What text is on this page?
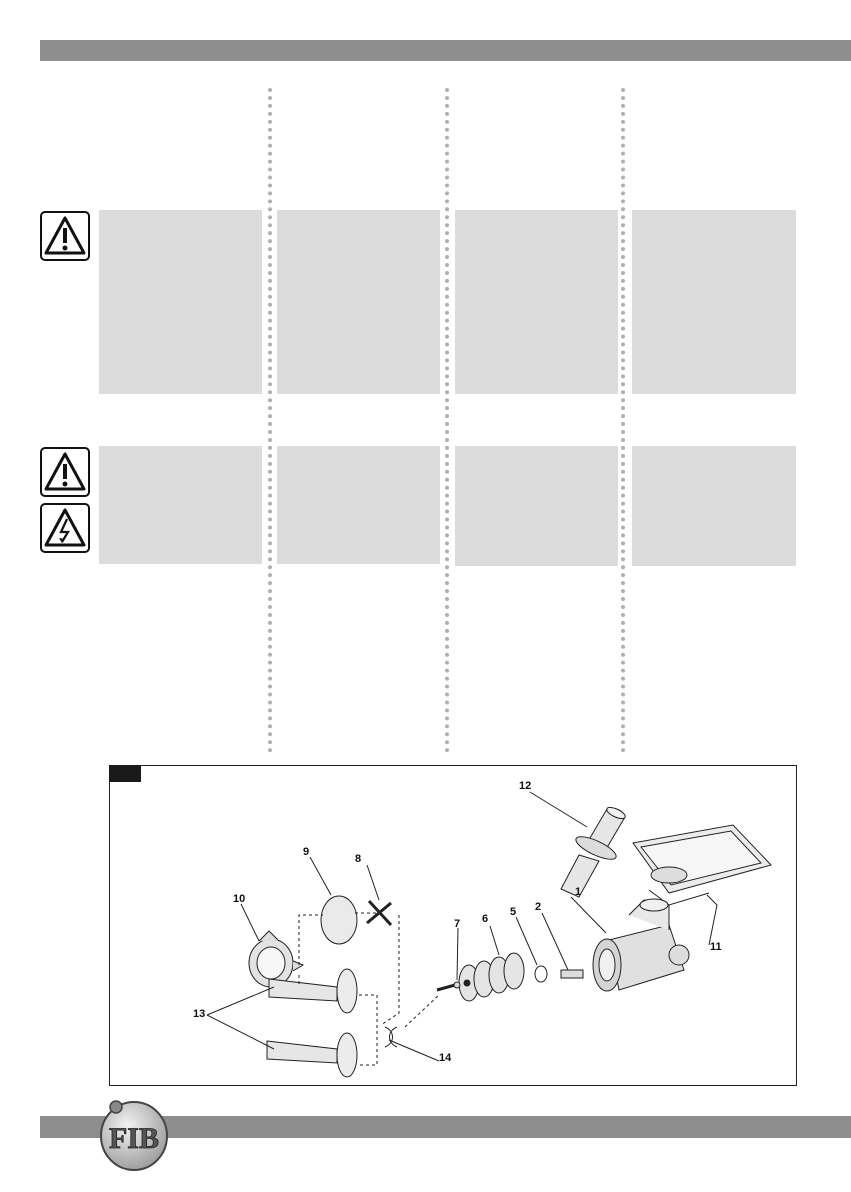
1
2
5
6
7
8
9
10
11
12
13
14
FIB
